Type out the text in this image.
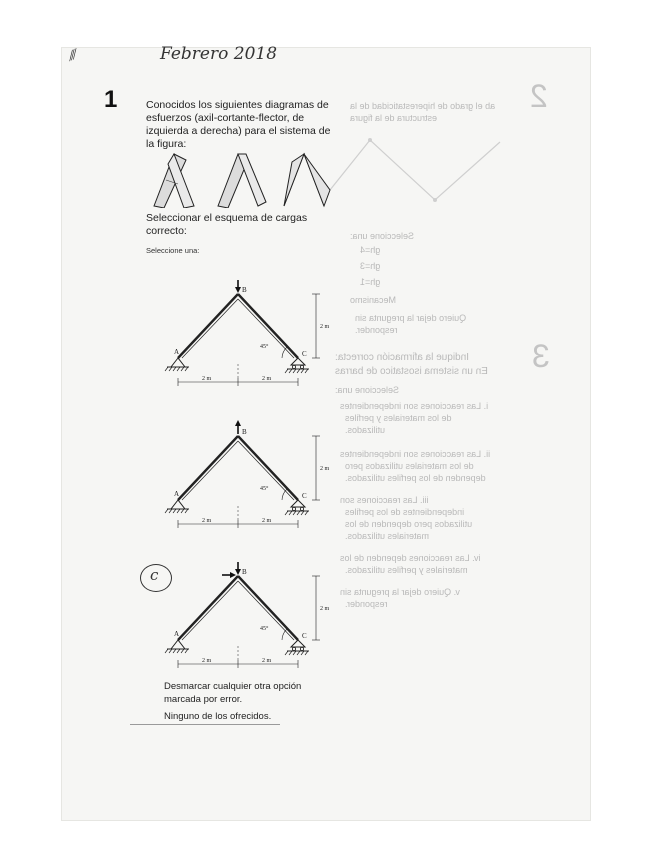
2
3
ab el grado de hiperestaticidad de la
estructura de la figura
Seleccione una:
gh=4
gh=3
gh=1
Mecanismo
Quiero dejar la pregunta sin
responder.
Indique la afirmación correcta:
En un sistema isostatico de barras
Seleccione una:
i. Las reacciones son independientes
de los materiales y perfiles
utilizados.
ii. Las reacciones son independientes
de los materiales utilizados pero
dependen de los perfiles utilizados.
iii. Las reacciones son
independientes de los perfiles
utilizados pero dependen de los
materiales utilizados.
iv. Las reacciones dependen de los
materiales y perfiles utilizados.
v. Quiero dejar la pregunta sin
responder.
⁄⁄⁄	Febrero 2018
1	Conocidos los siguientes diagramas de esfuerzos (axil-cortante-flector, de izquierda a derecha) para el sistema de la figura:
Seleccionar el esquema de cargas correcto:
Seleccione una:
45°
B
A	C
2 m
2 m	2 m
45°
B
A	C
2 m
2 m	2 m
45°
B
A	C
2 m
2 m	2 m
c
Desmarcar cualquier otra opción marcada por error.
Ninguno de los ofrecidos.
